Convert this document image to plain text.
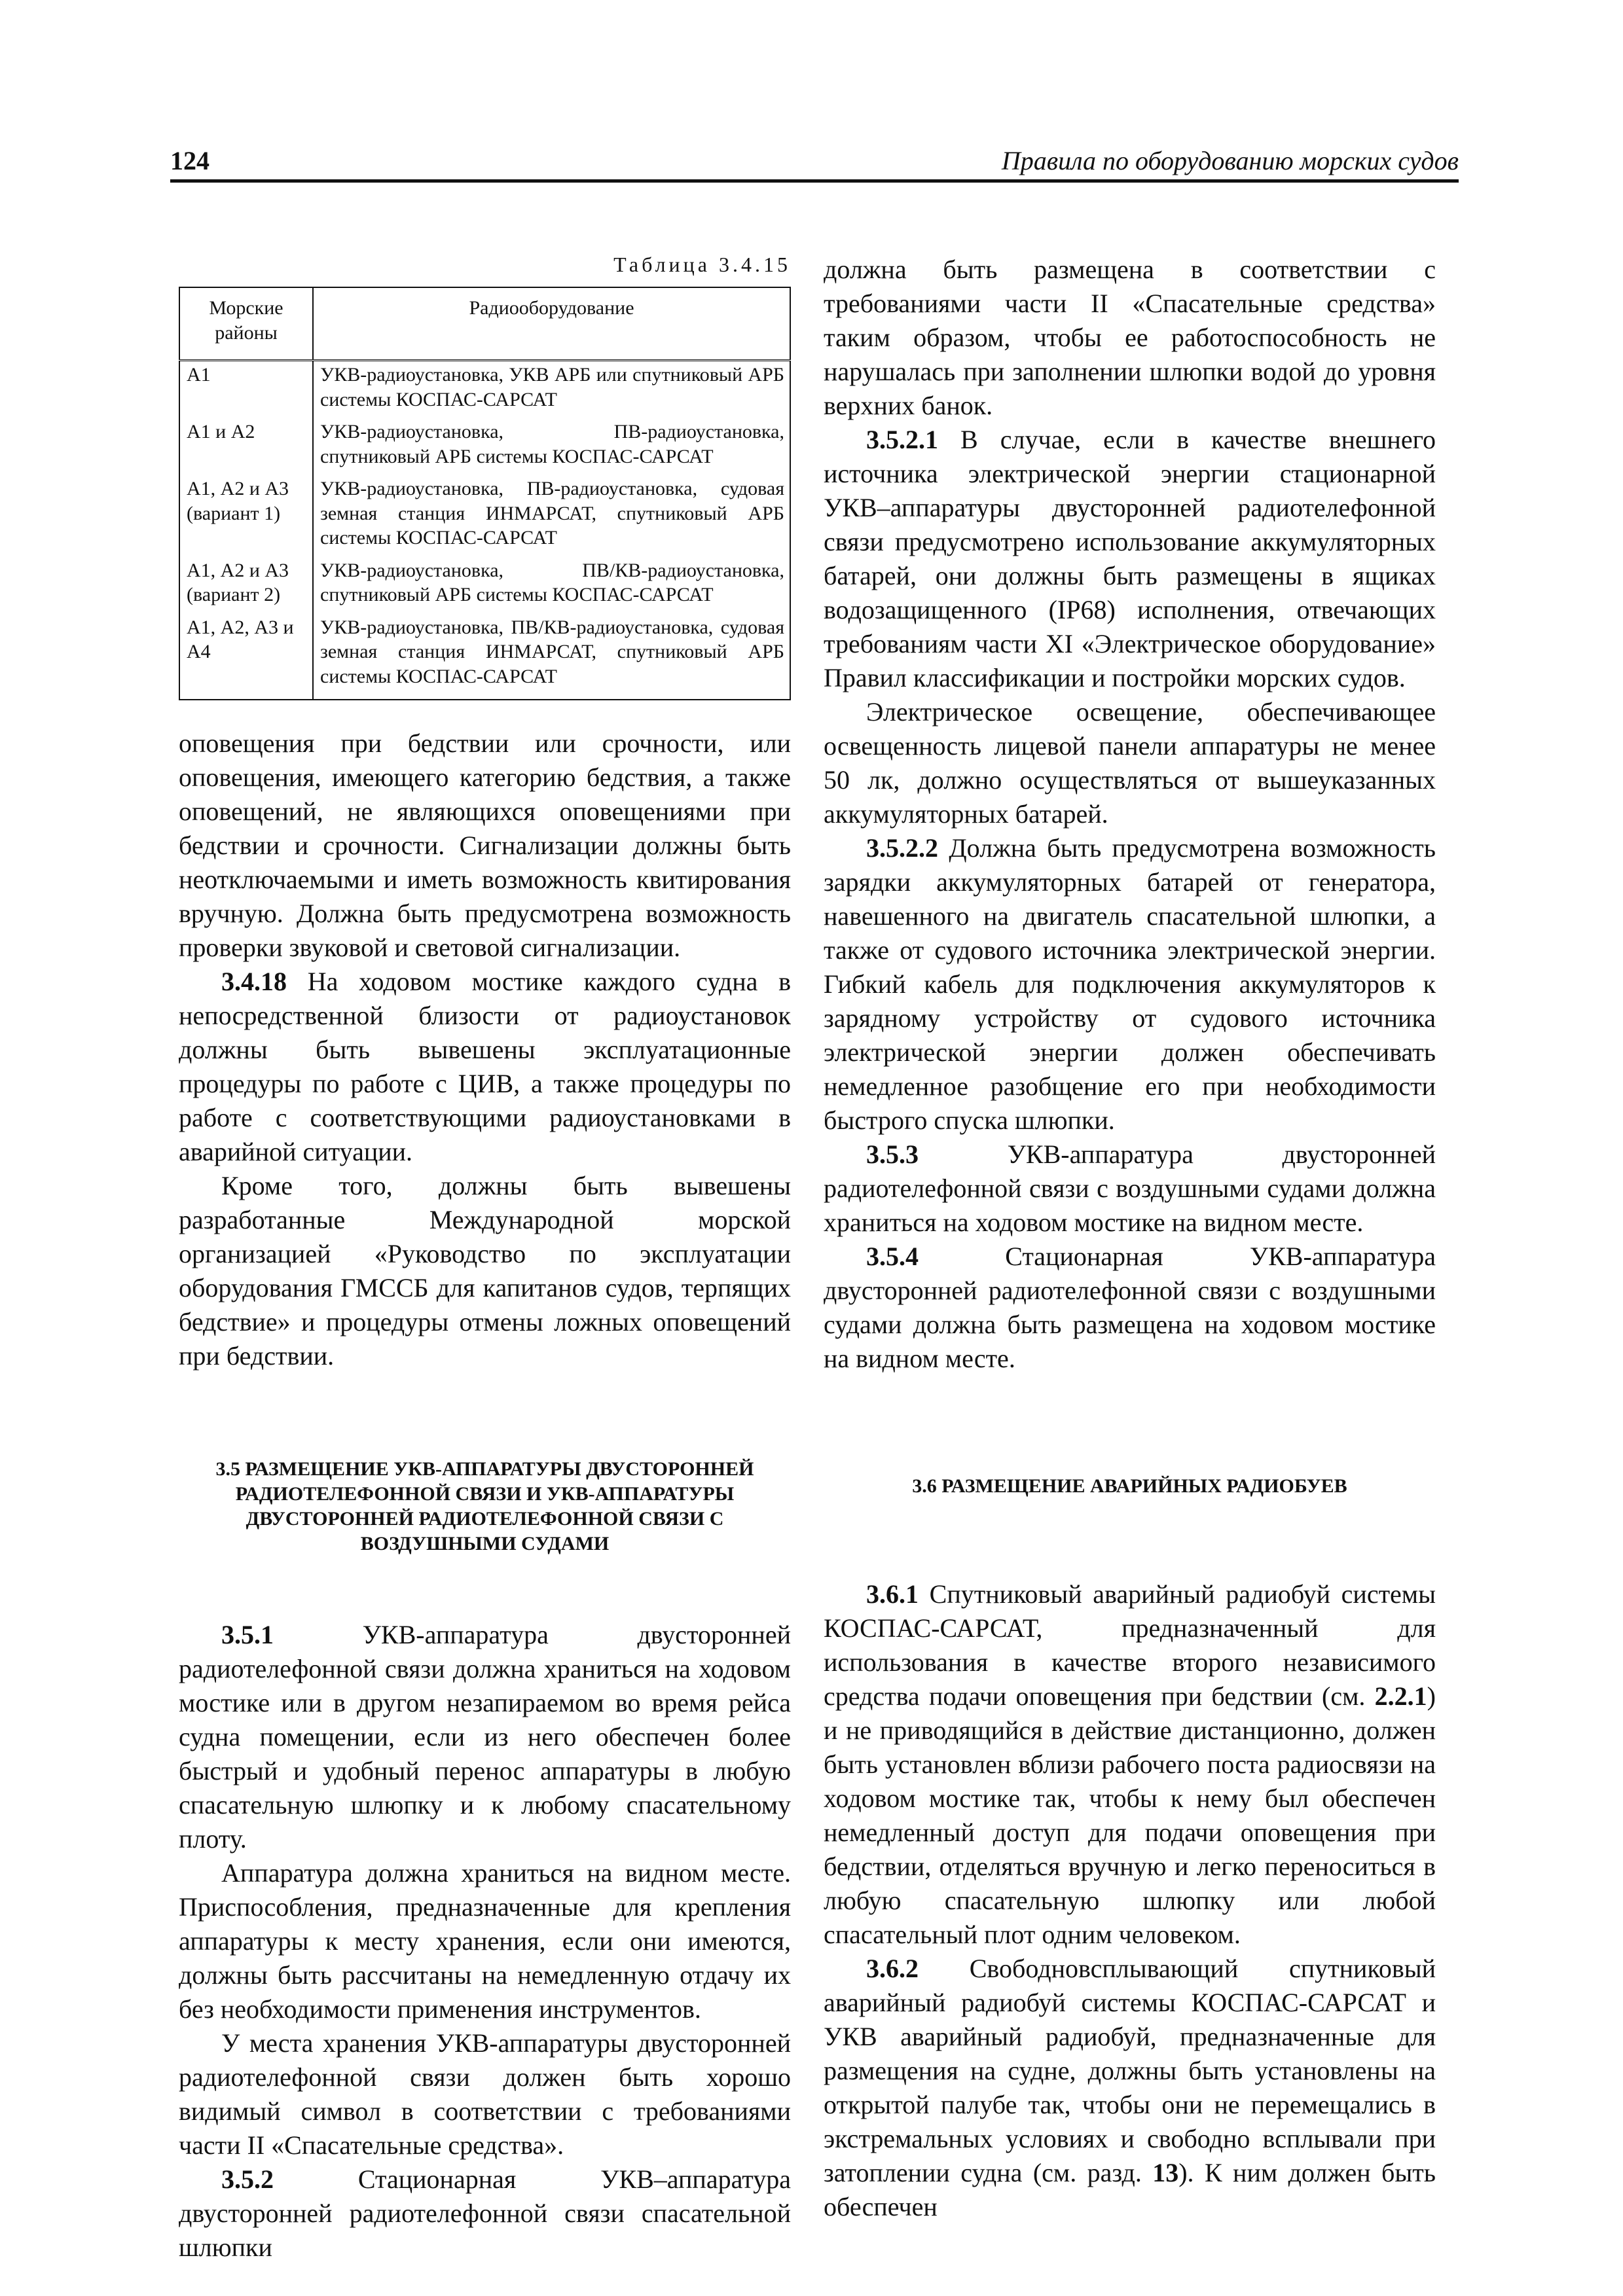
124	Правила по оборудованию морских судов
Таблица 3.4.15
Морские районы	Радиооборудование
А1	УКВ-радиоустановка, УКВ АРБ или спутниковый АРБ системы КОСПАС-САРСАТ
А1 и А2	УКВ-радиоустановка, ПВ-радиоустановка, спутниковый АРБ системы КОСПАС-САРСАТ
А1, А2 и А3 (вариант 1)	УКВ-радиоустановка, ПВ-радиоустановка, судовая земная станция ИНМАРСАТ, спутниковый АРБ системы КОСПАС-САРСАТ
А1, А2 и А3 (вариант 2)	УКВ-радиоустановка, ПВ/КВ-радиоустановка, спутниковый АРБ системы КОСПАС-САРСАТ
А1, А2, А3 и А4	УКВ-радиоустановка, ПВ/КВ-радиоустановка, судовая земная станция ИНМАРСАТ, спутниковый АРБ системы КОСПАС-САРСАТ

оповещения при бедствии или срочности, или оповещения, имеющего категорию бедствия, а также оповещений, не являющихся оповещениями при бедствии и срочности. Сигнализации должны быть неотключаемыми и иметь возможность квитирования вручную. Должна быть предусмотрена возможность проверки звуковой и световой сигнализации.

3.4.18 На ходовом мостике каждого судна в непосредственной близости от радиоустановок должны быть вывешены эксплуатационные процедуры по работе с ЦИВ, а также процедуры по работе с соответствующими радиоустановками в аварийной ситуации.

Кроме того, должны быть вывешены разработанные Международной морской организацией «Руководство по эксплуатации оборудования ГМССБ для капитанов судов, терпящих бедствие» и процедуры отмены ложных оповещений при бедствии.

3.5 РАЗМЕЩЕНИЕ УКВ-АППАРАТУРЫ ДВУСТОРОННЕЙ РАДИОТЕЛЕФОННОЙ СВЯЗИ И УКВ-АППАРАТУРЫ ДВУСТОРОННЕЙ РАДИОТЕЛЕФОННОЙ СВЯЗИ С ВОЗДУШНЫМИ СУДАМИ

3.5.1 УКВ-аппаратура двусторонней радиотелефонной связи должна храниться на ходовом мостике или в другом незапираемом во время рейса судна помещении, если из него обеспечен более быстрый и удобный перенос аппаратуры в любую спасательную шлюпку и к любому спасательному плоту.

Аппаратура должна храниться на видном месте. Приспособления, предназначенные для крепления аппаратуры к месту хранения, если они имеются, должны быть рассчитаны на немедленную отдачу их без необходимости применения инструментов.

У места хранения УКВ-аппаратуры двусторонней радиотелефонной связи должен быть хорошо видимый символ в соответствии с требованиями части II «Спасательные средства».

3.5.2 Стационарная УКВ–аппаратура двусторонней радиотелефонной связи спасательной шлюпки

должна быть размещена в соответствии с требованиями части II «Спасательные средства» таким образом, чтобы ее работоспособность не нарушалась при заполнении шлюпки водой до уровня верхних банок.

3.5.2.1 В случае, если в качестве внешнего источника электрической энергии стационарной УКВ–аппаратуры двусторонней радиотелефонной связи предусмотрено использование аккумуляторных батарей, они должны быть размещены в ящиках водозащищенного (IP68) исполнения, отвечающих требованиям части XI «Электрическое оборудование» Правил классификации и постройки морских судов.

Электрическое освещение, обеспечивающее освещенность лицевой панели аппаратуры не менее 50 лк, должно осуществляться от вышеуказанных аккумуляторных батарей.

3.5.2.2 Должна быть предусмотрена возможность зарядки аккумуляторных батарей от генератора, навешенного на двигатель спасательной шлюпки, а также от судового источника электрической энергии. Гибкий кабель для подключения аккумуляторов к зарядному устройству от судового источника электрической энергии должен обеспечивать немедленное разобщение его при необходимости быстрого спуска шлюпки.

3.5.3 УКВ-аппаратура двусторонней радиотелефонной связи с воздушными судами должна храниться на ходовом мостике на видном месте.

3.5.4 Стационарная УКВ-аппаратура двусторонней радиотелефонной связи с воздушными судами должна быть размещена на ходовом мостике на видном месте.

3.6 РАЗМЕЩЕНИЕ АВАРИЙНЫХ РАДИОБУЕВ

3.6.1 Спутниковый аварийный радиобуй системы КОСПАС-САРСАТ, предназначенный для использования в качестве второго независимого средства подачи оповещения при бедствии (см. 2.2.1) и не приводящийся в действие дистанционно, должен быть установлен вблизи рабочего поста радиосвязи на ходовом мостике так, чтобы к нему был обеспечен немедленный доступ для подачи оповещения при бедствии, отделяться вручную и легко переноситься в любую спасательную шлюпку или любой спасательный плот одним человеком.

3.6.2 Свободновсплывающий спутниковый аварийный радиобуй системы КОСПАС-САРСАТ и УКВ аварийный радиобуй, предназначенные для размещения на судне, должны быть установлены на открытой палубе так, чтобы они не перемещались в экстремальных условиях и свободно всплывали при затоплении судна (см. разд. 13). К ним должен быть обеспечен
